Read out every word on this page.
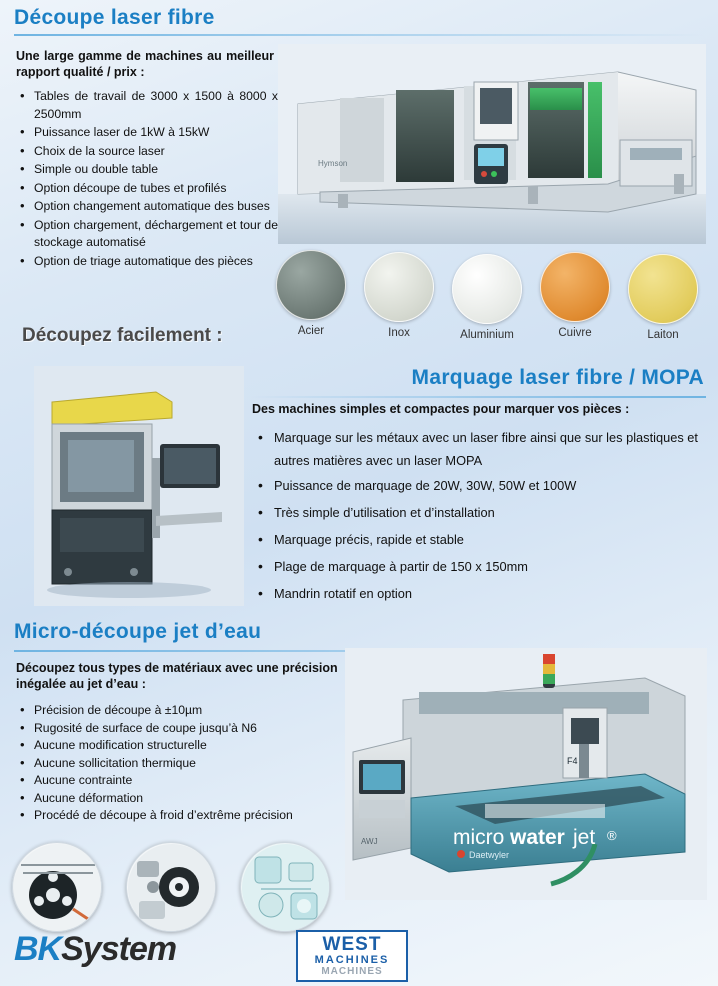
Découpe laser fibre
Une large gamme de machines au meilleur rapport qualité / prix :
• Tables de travail de 3000 x 1500 à 8000 x 2500mm
• Puissance laser de 1kW à 15kW
• Choix de la source laser
• Simple ou double table
• Option découpe de tubes et profilés
• Option changement automatique des buses
• Option chargement, déchargement et tour de stockage automatisé
• Option de triage automatique des pièces
Hymson
Acier	Inox	Aluminium	Cuivre	Laiton
Découpez facilement :
Marquage laser fibre / MOPA
Des machines simples et compactes pour marquer vos pièces :
• Marquage sur les métaux avec un laser fibre ainsi que sur les plastiques et autres matières avec un laser MOPA
• Puissance de marquage de 20W, 30W, 50W et 100W
• Très simple d’utilisation et d’installation
• Marquage précis, rapide et stable
• Plage de marquage à partir de 150 x 150mm
• Mandrin rotatif en option
Micro-découpe jet d’eau
Découpez tous types de matériaux avec une précision inégalée au jet d’eau :
• Précision de découpe à ±10µm
• Rugosité de surface de coupe jusqu’à N6
• Aucune modification structurelle
• Aucune sollicitation thermique
• Aucune contrainte
• Aucune déformation
• Procédé de découpe à froid d’extrême précision
AWJ
F4
micro water jet ®
Daetwyler
BKSystem	WEST
MACHINES
MACHINES
